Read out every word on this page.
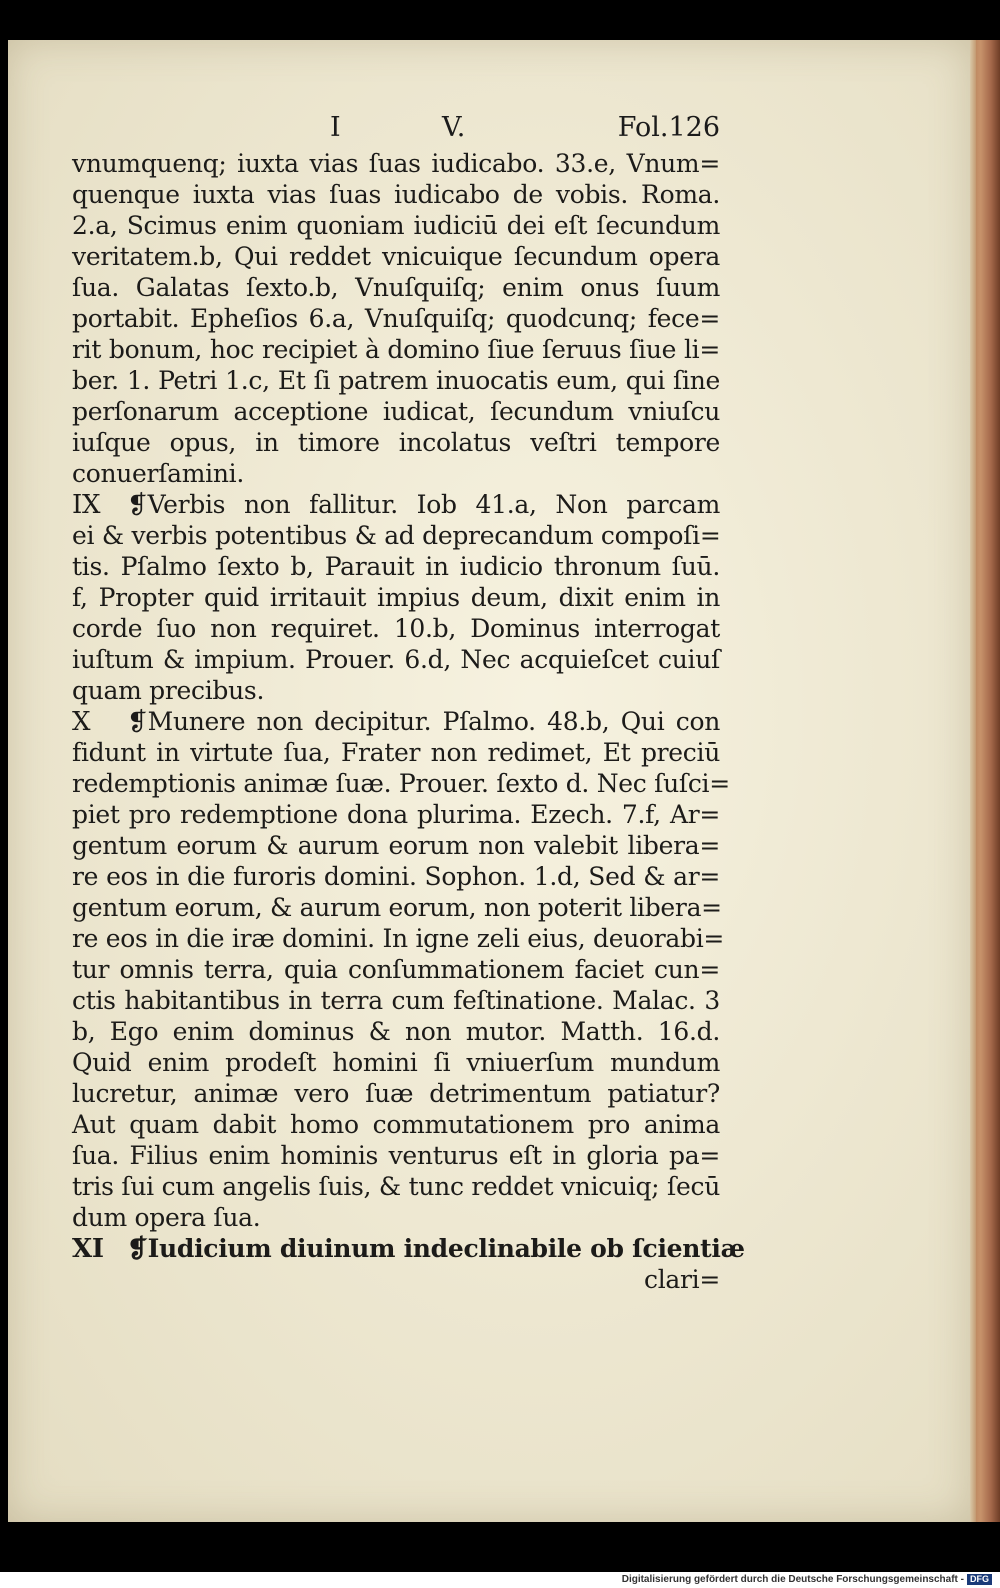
I	V.	Fol.126
vnumquenq; iuxta vias ſuas iudicabo. 33.e, Vnum=
quenque iuxta vias ſuas iudicabo de vobis. Roma.
2.a, Scimus enim quoniam iudiciū dei eſt ſecundum
veritatem.b, Qui reddet vnicuique ſecundum opera
ſua. Galatas ſexto.b, Vnuſquiſq; enim onus ſuum
portabit. Epheſios 6.a, Vnuſquiſq; quodcunq; fece=
rit bonum, hoc recipiet à domino ſiue ſeruus ſiue li=
ber. 1. Petri 1.c, Et ſi patrem inuocatis eum, qui ſine
perſonarum acceptione iudicat, ſecundum vniuſcu
iuſque opus, in timore incolatus veſtri tempore
conuerſamini.
IX ❡Verbis non fallitur. Iob 41.a, Non parcam
ei & verbis potentibus & ad deprecandum compoſi=
tis. Pſalmo ſexto b, Parauit in iudicio thronum ſuū.
f, Propter quid irritauit impius deum, dixit enim in
corde ſuo non requiret. 10.b, Dominus interrogat
iuſtum & impium. Prouer. 6.d, Nec acquieſcet cuiuſ
quam precibus.
X ❡Munere non decipitur. Pſalmo. 48.b, Qui con
fidunt in virtute ſua, Frater non redimet, Et preciū
redemptionis animæ ſuæ. Prouer. ſexto d. Nec ſuſci=
piet pro redemptione dona plurima. Ezech. 7.f, Ar=
gentum eorum & aurum eorum non valebit libera=
re eos in die furoris domini. Sophon. 1.d, Sed & ar=
gentum eorum, & aurum eorum, non poterit libera=
re eos in die iræ domini. In igne zeli eius, deuorabi=
tur omnis terra, quia conſummationem faciet cun=
ctis habitantibus in terra cum feſtinatione. Malac. 3
b, Ego enim dominus & non mutor. Matth. 16.d.
Quid enim prodeſt homini ſi vniuerſum mundum
lucretur, animæ vero ſuæ detrimentum patiatur?
Aut quam dabit homo commutationem pro anima
ſua. Filius enim hominis venturus eſt in gloria pa=
tris ſui cum angelis ſuis, & tunc reddet vnicuiq; ſecū
dum opera ſua.
XI ❡Iudicium diuinum indeclinabile ob ſcientiæ
clari=
Digitalisierung gefördert durch die Deutsche Forschungsgemeinschaft - DFG
